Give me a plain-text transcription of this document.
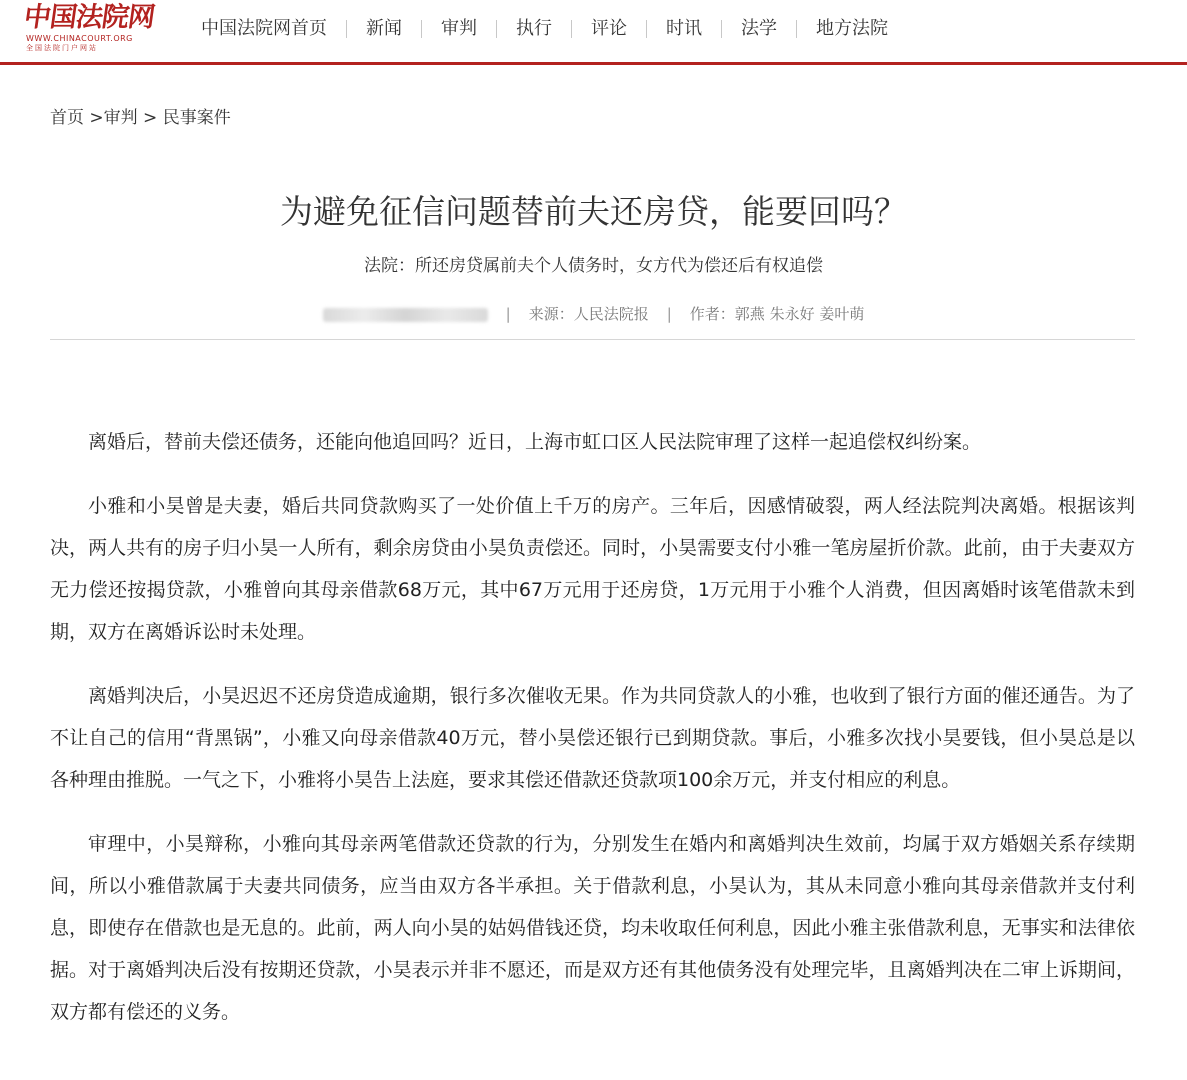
中国法院网
WWW.CHINACOURT.ORG
全国法院门户网站
中国法院网首页	新闻	审判	执行	评论	时讯	法学	地方法院
首页 >审判 > 民事案件
为避免征信问题替前夫还房贷，能要回吗？
法院：所还房贷属前夫个人债务时，女方代为偿还后有权追偿
| 来源：人民法院报 | 作者：郭燕 朱永好 姜叶萌

离婚后，替前夫偿还债务，还能向他追回吗？近日，上海市虹口区人民法院审理了这样一起追偿权纠纷案。

小雅和小昊曾是夫妻，婚后共同贷款购买了一处价值上千万的房产。三年后，因感情破裂，两人经法院判决离婚。根据该判决，两人共有的房子归小昊一人所有，剩余房贷由小昊负责偿还。同时，小昊需要支付小雅一笔房屋折价款。此前，由于夫妻双方无力偿还按揭贷款，小雅曾向其母亲借款68万元，其中67万元用于还房贷，1万元用于小雅个人消费，但因离婚时该笔借款未到期，双方在离婚诉讼时未处理。

离婚判决后，小昊迟迟不还房贷造成逾期，银行多次催收无果。作为共同贷款人的小雅，也收到了银行方面的催还通告。为了不让自己的信用“背黑锅”，小雅又向母亲借款40万元，替小昊偿还银行已到期贷款。事后，小雅多次找小昊要钱，但小昊总是以各种理由推脱。一气之下，小雅将小昊告上法庭，要求其偿还借款还贷款项100余万元，并支付相应的利息。

审理中，小昊辩称，小雅向其母亲两笔借款还贷款的行为，分别发生在婚内和离婚判决生效前，均属于双方婚姻关系存续期间，所以小雅借款属于夫妻共同债务，应当由双方各半承担。关于借款利息，小昊认为，其从未同意小雅向其母亲借款并支付利息，即使存在借款也是无息的。此前，两人向小昊的姑妈借钱还贷，均未收取任何利息，因此小雅主张借款利息，无事实和法律依据。对于离婚判决后没有按期还贷款，小昊表示并非不愿还，而是双方还有其他债务没有处理完毕，且离婚判决在二审上诉期间，双方都有偿还的义务。
